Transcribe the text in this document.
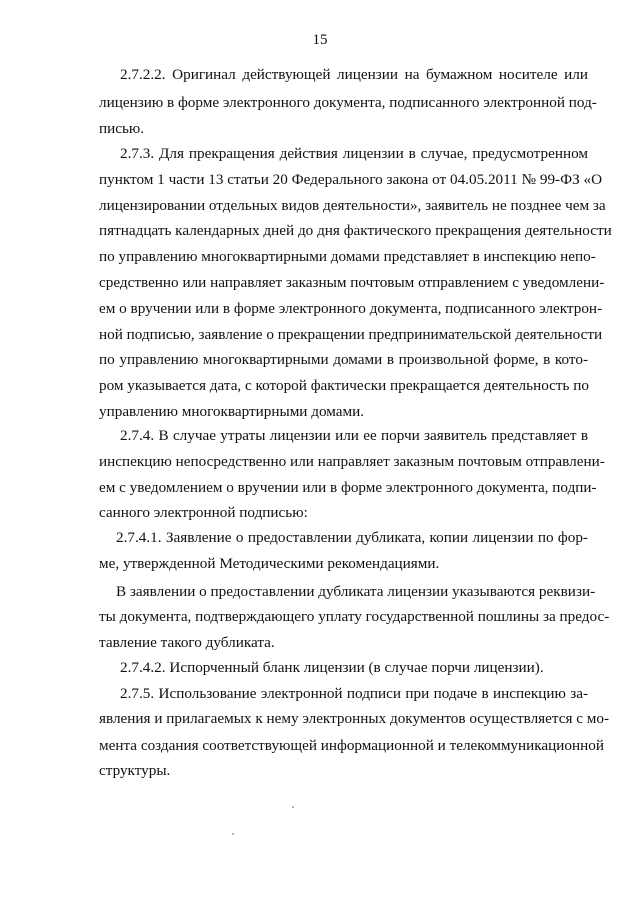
15
2.7.2.2. Оригинал действующей лицензии на бумажном носителе или
лицензию в форме электронного документа, подписанного электронной под-
писью.
2.7.3. Для прекращения действия лицензии в случае, предусмотренном
пунктом 1 части 13 статьи 20 Федерального закона от 04.05.2011 № 99-ФЗ «О
лицензировании отдельных видов деятельности», заявитель не позднее чем за
пятнадцать календарных дней до дня фактического прекращения деятельности
по управлению многоквартирными домами представляет в инспекцию непо-
средственно или направляет заказным почтовым отправлением с уведомлени-
ем о вручении или в форме электронного документа, подписанного электрон-
ной подписью, заявление о прекращении предпринимательской деятельности
по управлению многоквартирными домами в произвольной форме, в кото-
ром указывается дата, с которой фактически прекращается деятельность по
управлению многоквартирными домами.
2.7.4. В случае утраты лицензии или ее порчи заявитель представляет в
инспекцию непосредственно или направляет заказным почтовым отправлени-
ем с уведомлением о вручении или в форме электронного документа, подпи-
санного электронной подписью:
2.7.4.1. Заявление о предоставлении дубликата, копии лицензии по фор-
ме, утвержденной Методическими рекомендациями.
В заявлении о предоставлении дубликата лицензии указываются реквизи-
ты документа, подтверждающего уплату государственной пошлины за предос-
тавление такого дубликата.
2.7.4.2. Испорченный бланк лицензии (в случае порчи лицензии).
2.7.5. Использование электронной подписи при подаче в инспекцию за-
явления и прилагаемых к нему электронных документов осуществляется с мо-
мента создания соответствующей информационной и телекоммуникационной
структуры.
